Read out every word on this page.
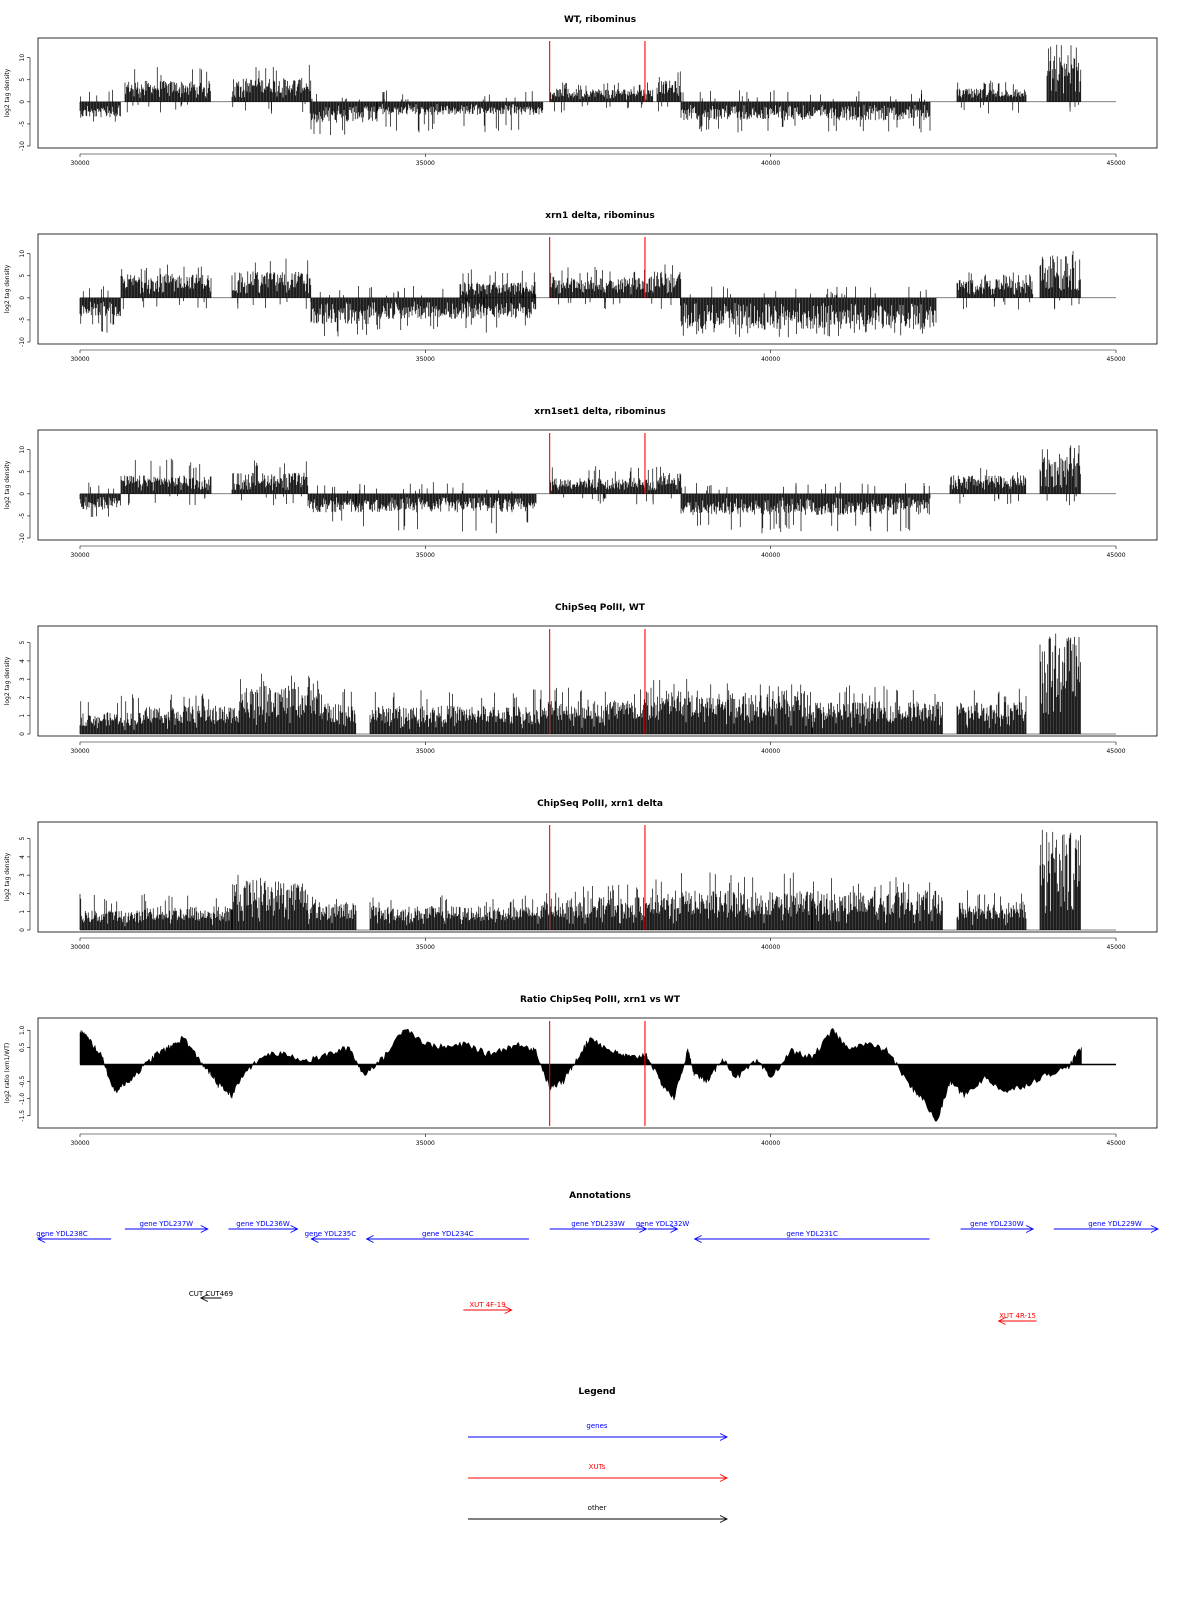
WT, ribominus
10
5
0
-5
-10
log2 tag density
30000	35000	40000	45000
xrn1 delta, ribominus
10
5
0
-5
-10
log2 tag density
30000	35000	40000	45000
xrn1set1 delta, ribominus
10
5
0
-5
-10
log2 tag density
30000	35000	40000	45000
ChipSeq PolII, WT
5
4
3
2
1
0
log2 tag density
30000	35000	40000	45000
ChipSeq PolII, xrn1 delta
5
4
3
2
1
0
log2 tag density
30000	35000	40000	45000
Ratio ChipSeq PolII, xrn1 vs WT
1.0
0.5
-0.5
-1.0
-1.5
log2 ratio (xrn1/WT)
30000	35000	40000	45000
Annotations
gene YDL238C
gene YDL237W	gene YDL236W
gene YDL235C	gene YDL234C
gene YDL233W gene YDL232W
gene YDL231C
gene YDL230W	gene YDL229W
XUT 4F-19
XUT 4R-15
CUT CUT469
Legend
genes
XUTs
other
